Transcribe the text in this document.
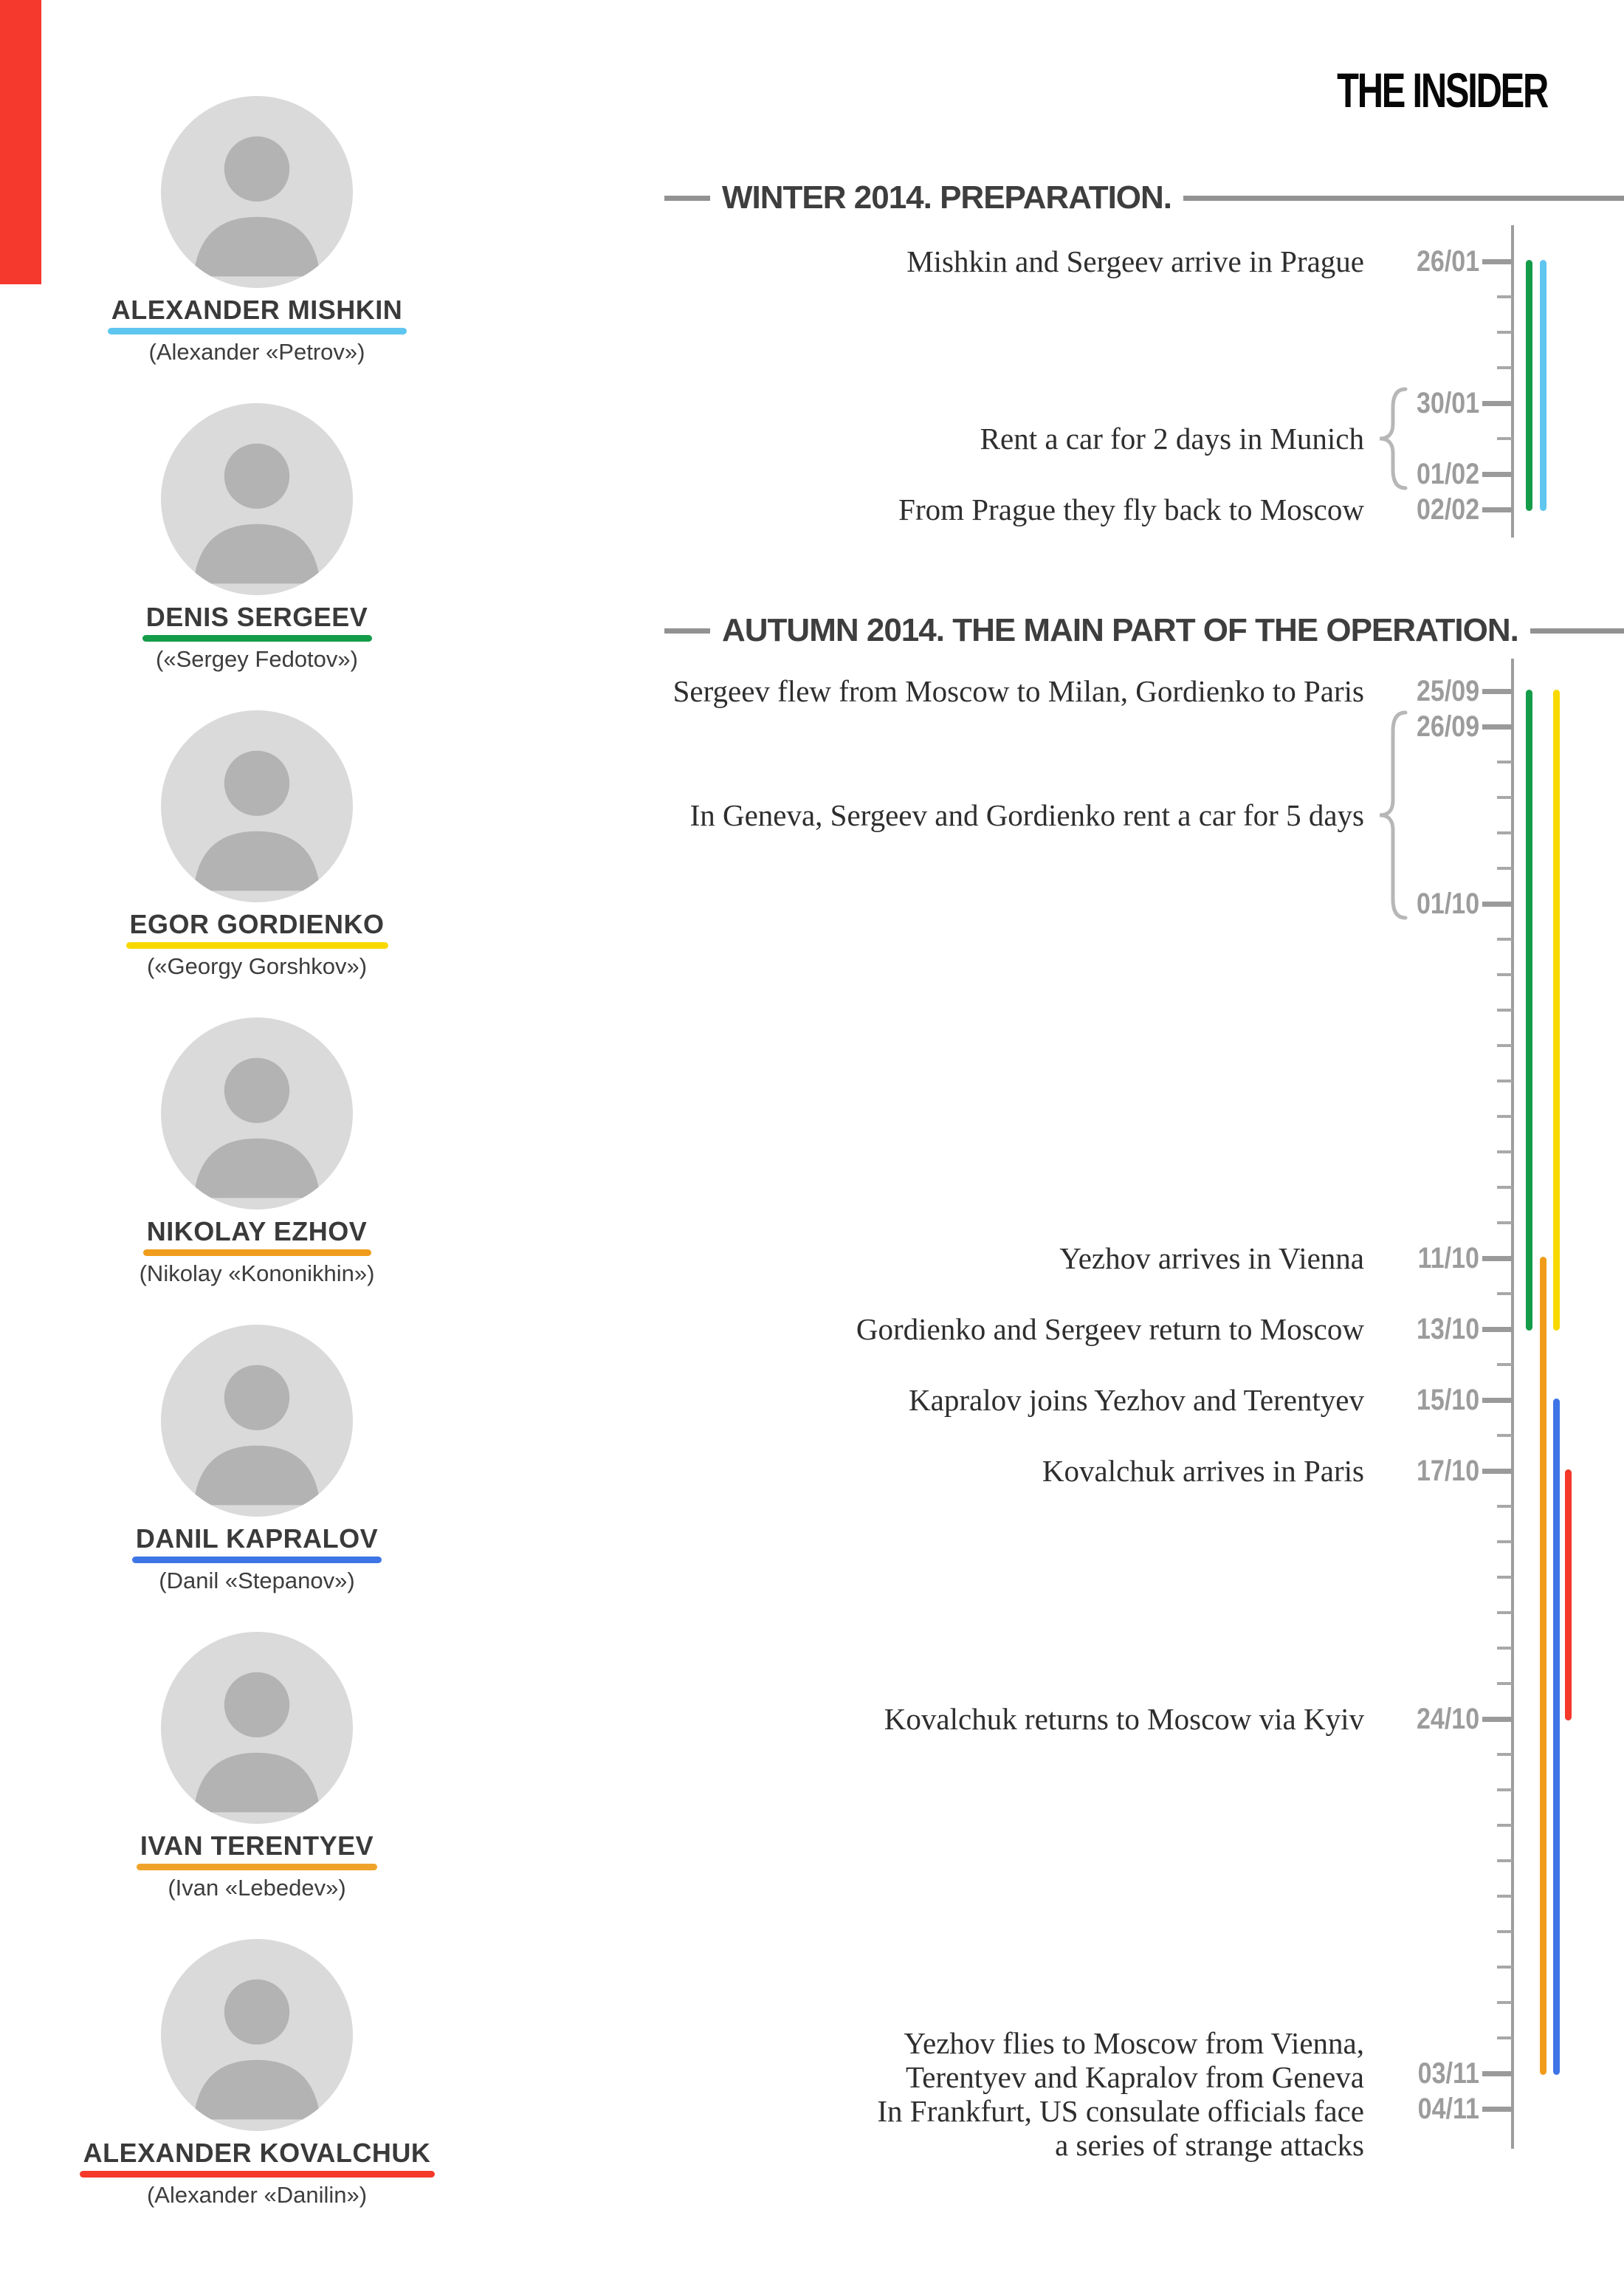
THE INSIDER
ALEXANDER MISHKIN
(Alexander «Petrov»)
DENIS SERGEEV
(«Sergey Fedotov»)
EGOR GORDIENKO
(«Georgy Gorshkov»)
NIKOLAY EZHOV
(Nikolay «Kononikhin»)
DANIL KAPRALOV
(Danil «Stepanov»)
IVAN TERENTYEV
(Ivan «Lebedev»)
ALEXANDER KOVALCHUK
(Alexander «Danilin»)
WINTER 2014. PREPARATION.
AUTUMN 2014. THE MAIN PART OF THE OPERATION.
26/01
30/01
01/02
02/02
Mishkin and Sergeev arrive in Prague
Rent a car for 2 days in Munich
From Prague they fly back to Moscow
25/09
26/09
01/10
11/10
13/10
15/10
17/10
24/10
03/11
04/11
Sergeev flew from Moscow to Milan, Gordienko to Paris
In Geneva, Sergeev and Gordienko rent a car for 5 days
Yezhov arrives in Vienna
Gordienko and Sergeev return to Moscow
Kapralov joins Yezhov and Terentyev
Kovalchuk arrives in Paris
Kovalchuk returns to Moscow via Kyiv
Yezhov flies to Moscow from Vienna,
Terentyev and Kapralov from Geneva
In Frankfurt, US consulate officials face
a series of strange attacks
